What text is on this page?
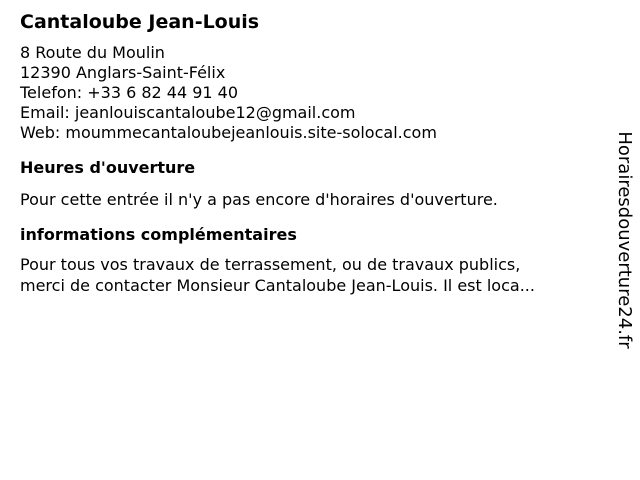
Cantaloube Jean-Louis
8 Route du Moulin
12390 Anglars-Saint-Félix
Telefon: +33 6 82 44 91 40
Email: jeanlouiscantaloube12@gmail.com
Web: moummecantaloubejeanlouis.site-solocal.com
Heures d'ouverture
Pour cette entrée il n'y a pas encore d'horaires d'ouverture.
informations complémentaires
Pour tous vos travaux de terrassement, ou de travaux publics,
merci de contacter Monsieur Cantaloube Jean-Louis. Il est loca...	Horairesdouverture24.fr
